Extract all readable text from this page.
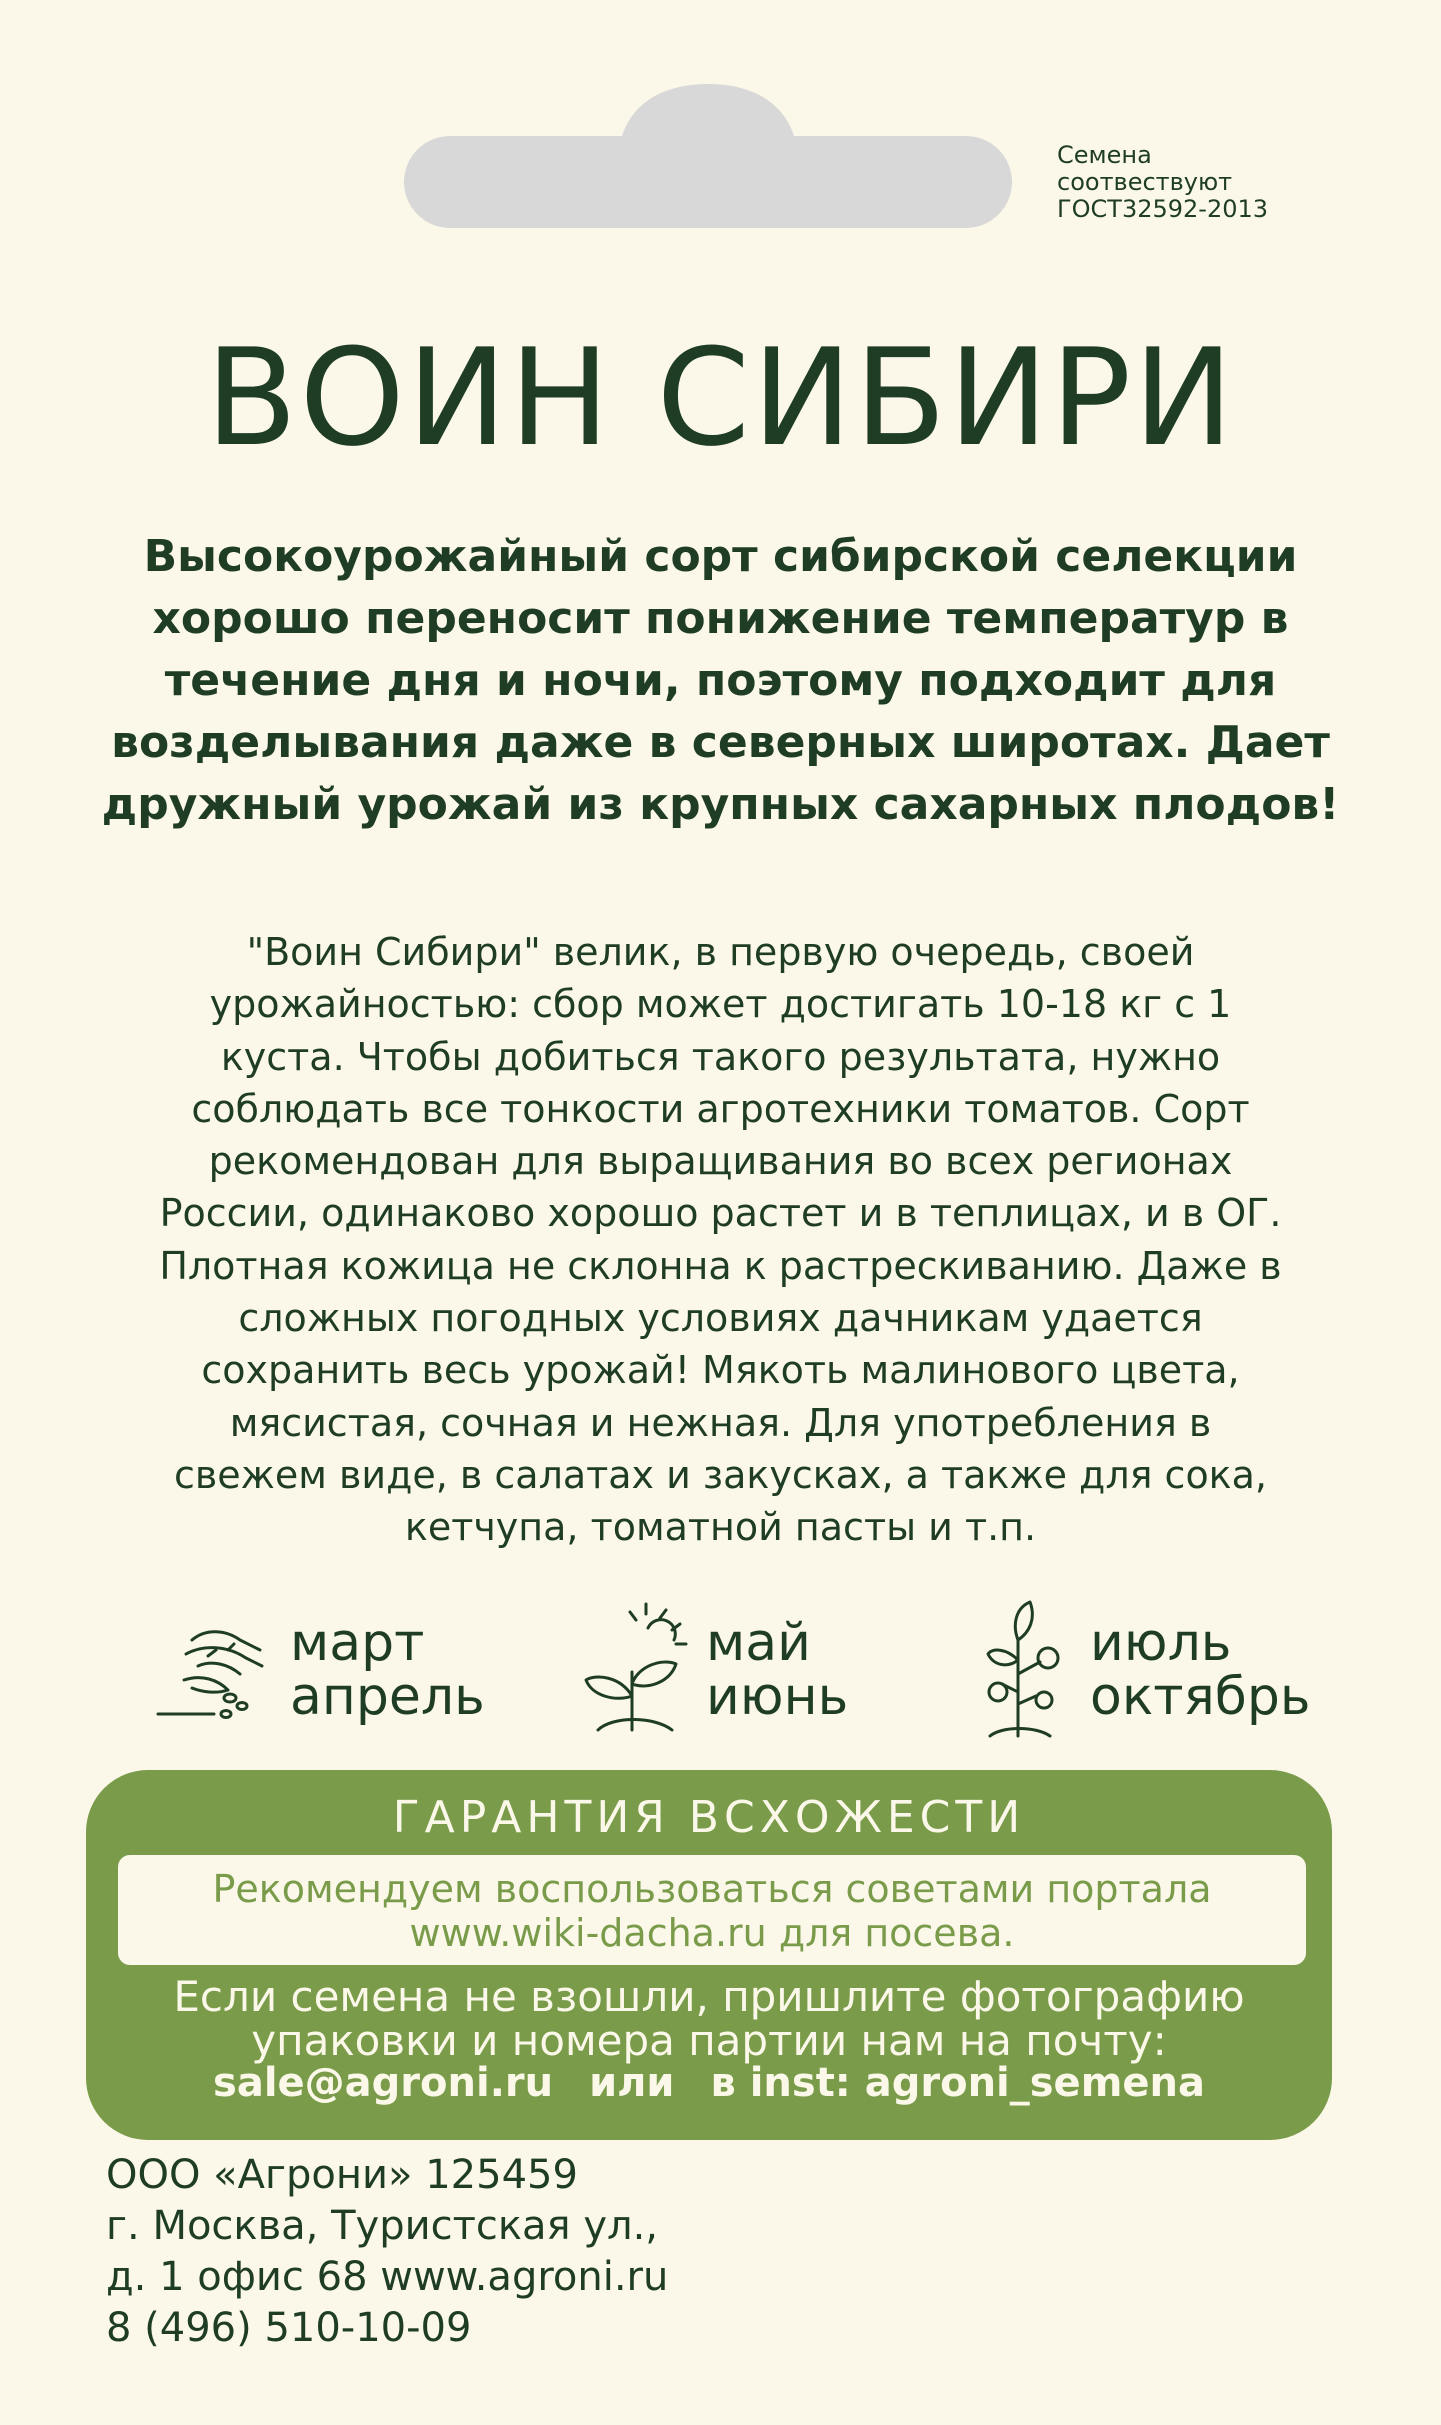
Семена
соотвествуют
ГОСТ32592-2013
ВОИН СИБИРИ
Высокоурожайный сорт сибирской селекции
хорошо переносит понижение температур в
течение дня и ночи, поэтому подходит для
возделывания даже в северных широтах. Дает
дружный урожай из крупных сахарных плодов!
"Воин Сибири" велик, в первую очередь, своей
урожайностью: сбор может достигать 10-18 кг с 1
куста. Чтобы добиться такого результата, нужно
соблюдать все тонкости агротехники томатов. Сорт
рекомендован для выращивания во всех регионах
России, одинаково хорошо растет и в теплицах, и в ОГ.
Плотная кожица не склонна к растрескиванию. Даже в
сложных погодных условиях дачникам удается
сохранить весь урожай! Мякоть малинового цвета,
мясистая, сочная и нежная. Для употребления в
свежем виде, в салатах и закусках, а также для сока,
кетчупа, томатной пасты и т.п.
март
апрель
май
июнь
июль
октябрь
ГАРАНТИЯ ВСХОЖЕСТИ
Рекомендуем воспользоваться советами портала
www.wiki-dacha.ru для посева.
Если семена не взошли, пришлите фотографию
упаковки и номера партии нам на почту:
sale@agroni.ru или в inst: agroni_semena
ООО «Агрони» 125459
г. Москва, Туристская ул.,
д. 1 офис 68 www.agroni.ru
8 (496) 510-10-09
